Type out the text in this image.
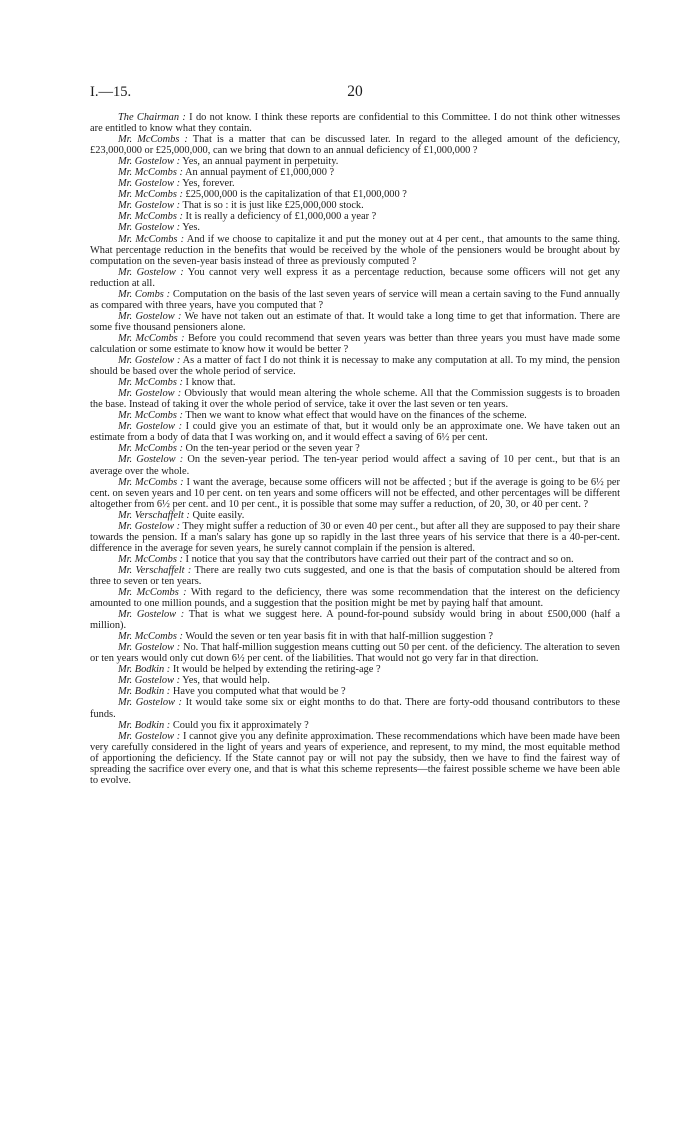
I.—15.	20

The Chairman : I do not know. I think these reports are confidential to this Committee. I do not think other witnesses are entitled to know what they contain.

Mr. McCombs : That is a matter that can be discussed later. In regard to the alleged amount of the deficiency, £23,000,000 or £25,000,000, can we bring that down to an annual deficiency of £1,000,000 ?

Mr. Gostelow : Yes, an annual payment in perpetuity.

Mr. McCombs : An annual payment of £1,000,000 ?

Mr. Gostelow : Yes, forever.

Mr. McCombs : £25,000,000 is the capitalization of that £1,000,000 ?

Mr. Gostelow : That is so : it is just like £25,000,000 stock.

Mr. McCombs : It is really a deficiency of £1,000,000 a year ?

Mr. Gostelow : Yes.

Mr. McCombs : And if we choose to capitalize it and put the money out at 4 per cent., that amounts to the same thing. What percentage reduction in the benefits that would be received by the whole of the pensioners would be brought about by computation on the seven-year basis instead of three as previously computed ?

Mr. Gostelow : You cannot very well express it as a percentage reduction, because some officers will not get any reduction at all.

Mr. Combs : Computation on the basis of the last seven years of service will mean a certain saving to the Fund annually as compared with three years, have you computed that ?

Mr. Gostelow : We have not taken out an estimate of that. It would take a long time to get that information. There are some five thousand pensioners alone.

Mr. McCombs : Before you could recommend that seven years was better than three years you must have made some calculation or some estimate to know how it would be better ?

Mr. Gostelow : As a matter of fact I do not think it is necessay to make any computation at all. To my mind, the pension should be based over the whole period of service.

Mr. McCombs : I know that.

Mr. Gostelow : Obviously that would mean altering the whole scheme. All that the Commission suggests is to broaden the base. Instead of taking it over the whole period of service, take it over the last seven or ten years.

Mr. McCombs : Then we want to know what effect that would have on the finances of the scheme.

Mr. Gostelow : I could give you an estimate of that, but it would only be an approximate one. We have taken out an estimate from a body of data that I was working on, and it would effect a saving of 6½ per cent.

Mr. McCombs : On the ten-year period or the seven year ?

Mr. Gostelow : On the seven-year period. The ten-year period would affect a saving of 10 per cent., but that is an average over the whole.

Mr. McCombs : I want the average, because some officers will not be affected ; but if the average is going to be 6½ per cent. on seven years and 10 per cent. on ten years and some officers will not be effected, and other percentages will be different altogether from 6½ per cent. and 10 per cent., it is possible that some may suffer a reduction, of 20, 30, or 40 per cent. ?

Mr. Verschaffelt : Quite easily.

Mr. Gostelow : They might suffer a reduction of 30 or even 40 per cent., but after all they are supposed to pay their share towards the pension. If a man's salary has gone up so rapidly in the last three years of his service that there is a 40-per-cent. difference in the average for seven years, he surely cannot complain if the pension is altered.

Mr. McCombs : I notice that you say that the contributors have carried out their part of the contract and so on.

Mr. Verschaffelt : There are really two cuts suggested, and one is that the basis of computation should be altered from three to seven or ten years.

Mr. McCombs : With regard to the deficiency, there was some recommendation that the interest on the deficiency amounted to one million pounds, and a suggestion that the position might be met by paying half that amount.

Mr. Gostelow : That is what we suggest here. A pound-for-pound subsidy would bring in about £500,000 (half a million).

Mr. McCombs : Would the seven or ten year basis fit in with that half-million suggestion ?

Mr. Gostelow : No. That half-million suggestion means cutting out 50 per cent. of the deficiency. The alteration to seven or ten years would only cut down 6½ per cent. of the liabilities. That would not go very far in that direction.

Mr. Bodkin : It would be helped by extending the retiring-age ?

Mr. Gostelow : Yes, that would help.

Mr. Bodkin : Have you computed what that would be ?

Mr. Gostelow : It would take some six or eight months to do that. There are forty-odd thousand contributors to these funds.

Mr. Bodkin : Could you fix it approximately ?

Mr. Gostelow : I cannot give you any definite approximation. These recommendations which have been made have been very carefully considered in the light of years and years of experience, and represent, to my mind, the most equitable method of apportioning the deficiency. If the State cannot pay or will not pay the subsidy, then we have to find the fairest way of spreading the sacrifice over every one, and that is what this scheme represents—the fairest possible scheme we have been able to evolve.
